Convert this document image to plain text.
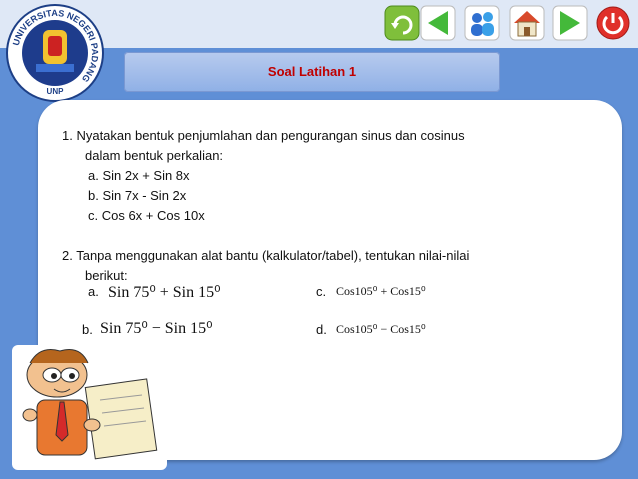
UNIVERSITAS NEGERI PADANG
UNP
Soal Latihan 1
1. Nyatakan bentuk penjumlahan dan pengurangan sinus dan cosinus
dalam bentuk perkalian:
a. Sin 2x + Sin 8x
b. Sin 7x - Sin 2x
c. Cos 6x + Cos 10x
2. Tanpa menggunakan alat bantu (kalkulator/tabel), tentukan nilai-nilai
berikut:
a. Sin 75⁰ + Sin 15⁰	c. Cos105⁰ + Cos15⁰
b. Sin 75⁰ − Sin 15⁰	d. Cos105⁰ − Cos15⁰
